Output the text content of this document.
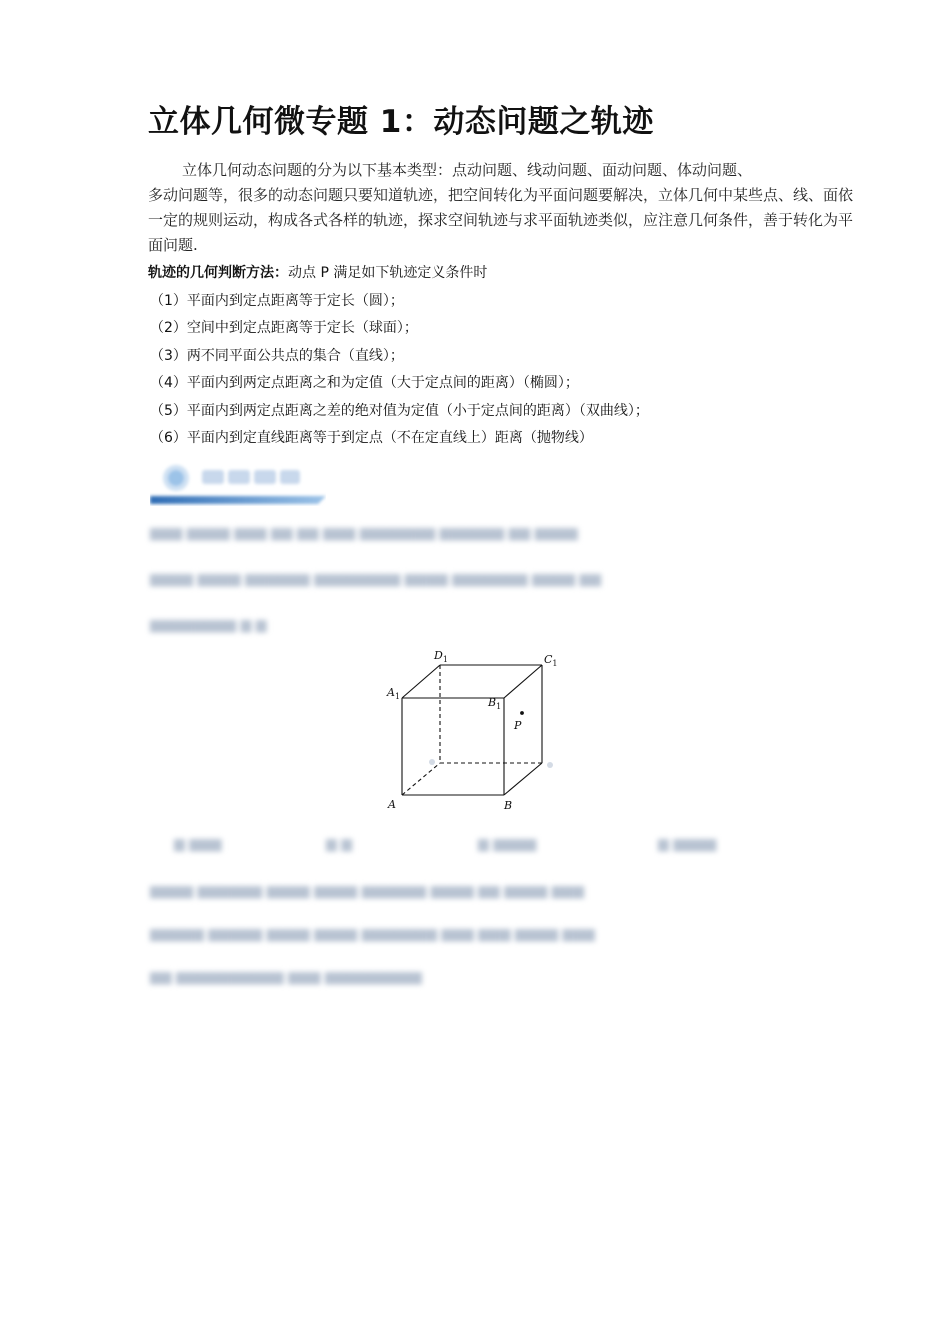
立体几何微专题 1：动态问题之轨迹
立体几何动态问题的分为以下基本类型：点动问题、线动问题、面动问题、体动问题、
多动问题等，很多的动态问题只要知道轨迹，把空间转化为平面问题要解决，立体几何中某些点、线、面依
一定的规则运动，构成各式各样的轨迹，探求空间轨迹与求平面轨迹类似，应注意几何条件，善于转化为平
面问题.
轨迹的几何判断方法：动点 P 满足如下轨迹定义条件时
（1）平面内到定点距离等于定长（圆）；
（2）空间中到定点距离等于定长（球面）；
（3）两不同平面公共点的集合（直线）；
（4）平面内到两定点距离之和为定值（大于定点间的距离）（椭圆）；
（5）平面内到两定点距离之差的绝对值为定值（小于定点间的距离）（双曲线）；
（6）平面内到定直线距离等于到定点（不在定直线上）距离（抛物线）
▆▆▆ ▆▆▆▆ ▆▆▆ ▆▆ ▆▆ ▆▆▆ ▆▆▆▆▆▆▆ ▆▆▆▆▆▆ ▆▆ ▆▆▆▆
▆▆▆▆ ▆▆▆▆ ▆▆▆▆▆▆ ▆▆▆▆▆▆▆▆ ▆▆▆▆ ▆▆▆▆▆▆▆ ▆▆▆▆ ▆▆
▆▆▆▆▆▆▆▆ ▆ ▆
A	B
$C_1$
$D_1$
$A_1$	$B_1$
P
▆ ▆▆▆	▆ ▆	▆ ▆▆▆▆	▆ ▆▆▆▆
▆▆▆▆ ▆▆▆▆▆▆ ▆▆▆▆ ▆▆▆▆ ▆▆▆▆▆▆ ▆▆▆▆ ▆▆ ▆▆▆▆ ▆▆▆
▆▆▆▆▆ ▆▆▆▆▆ ▆▆▆▆ ▆▆▆▆ ▆▆▆▆▆▆▆ ▆▆▆ ▆▆▆ ▆▆▆▆ ▆▆▆
▆▆ ▆▆▆▆▆▆▆▆▆▆ ▆▆▆ ▆▆▆▆▆▆▆▆▆
